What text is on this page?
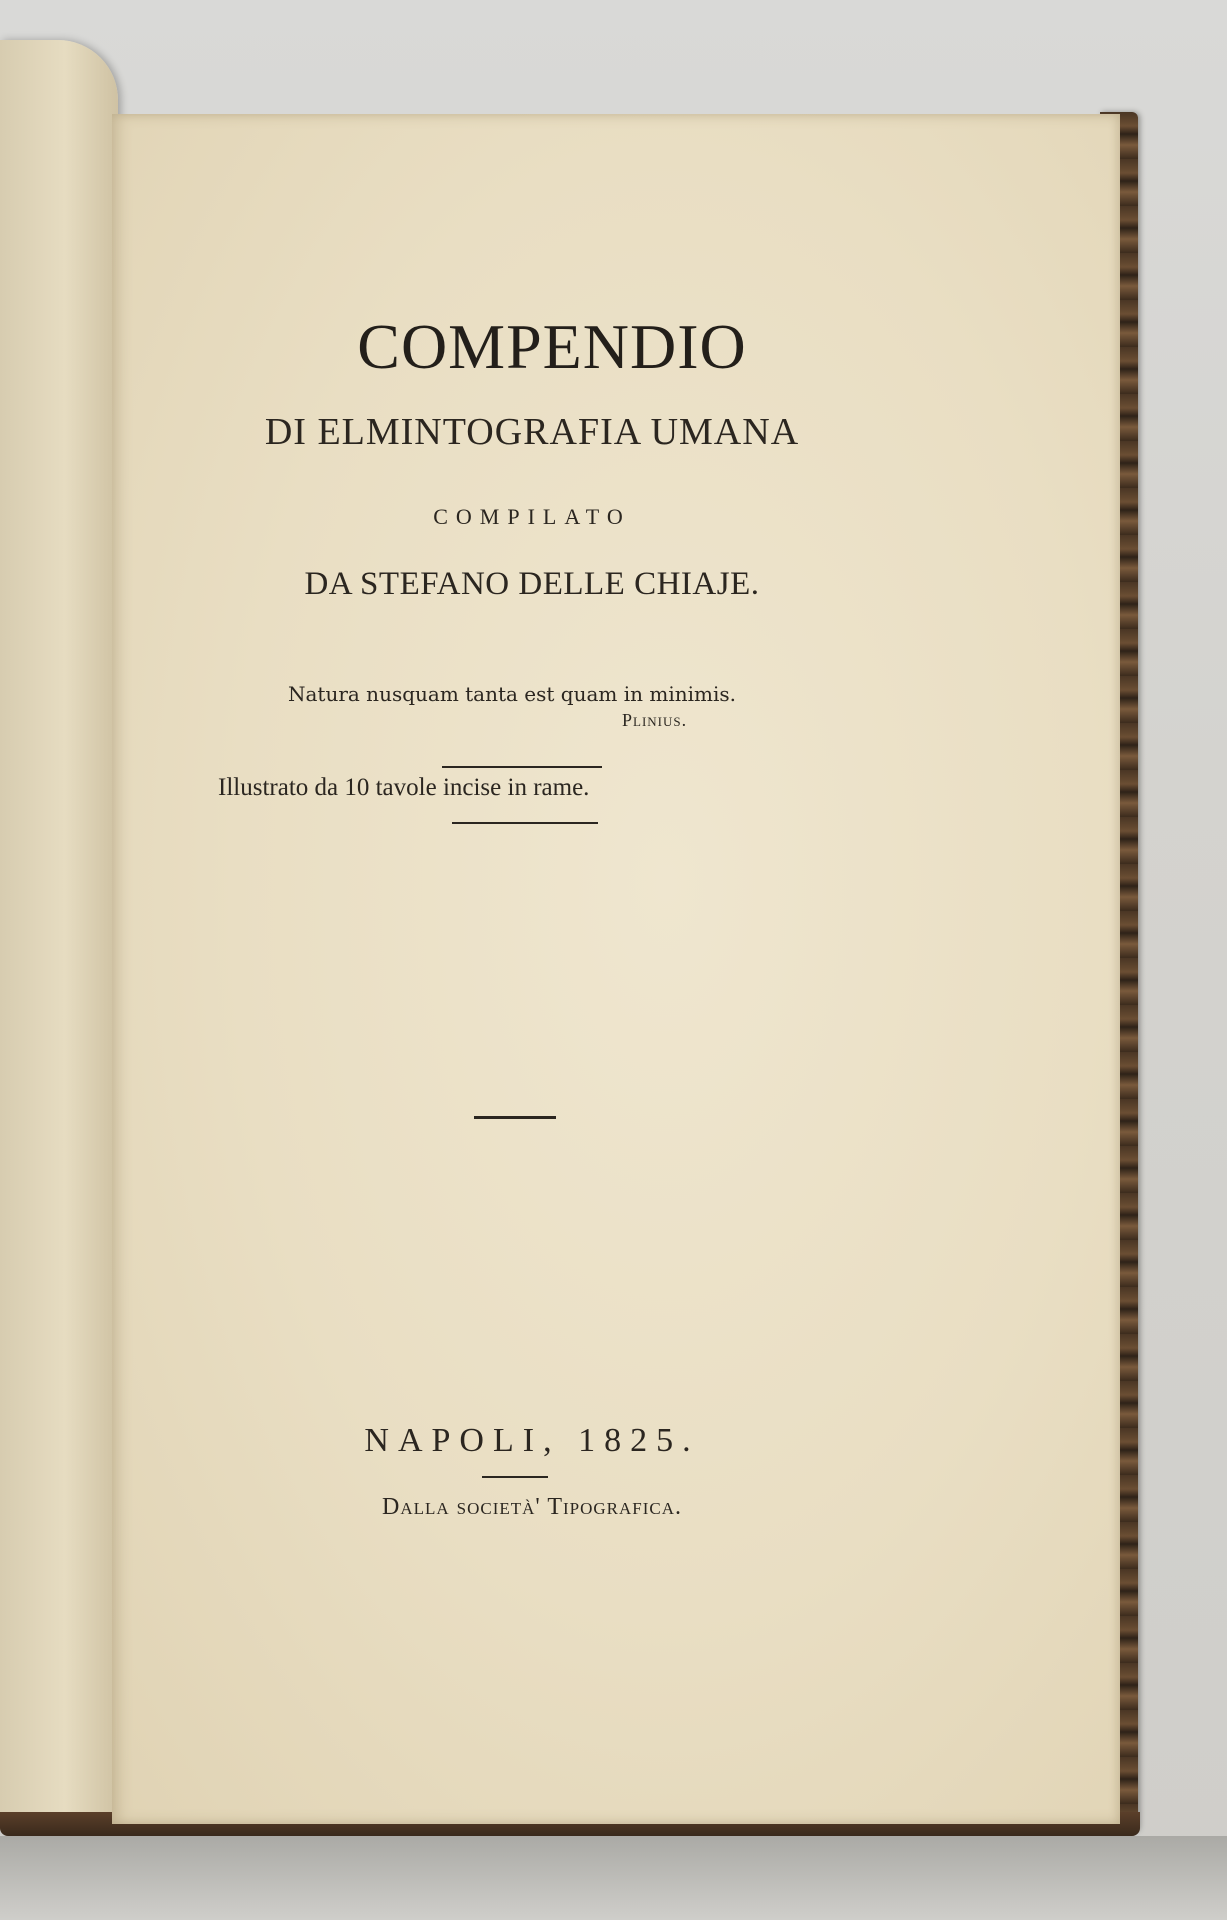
COMPENDIO
DI ELMINTOGRAFIA UMANA
COMPILATO
DA STEFANO DELLE CHIAJE.
Natura nusquam tanta est quam in minimis.
Plinius.
Illustrato da 10 tavole incise in rame.
NAPOLI, 1825.
Dalla società' Tipografica.
